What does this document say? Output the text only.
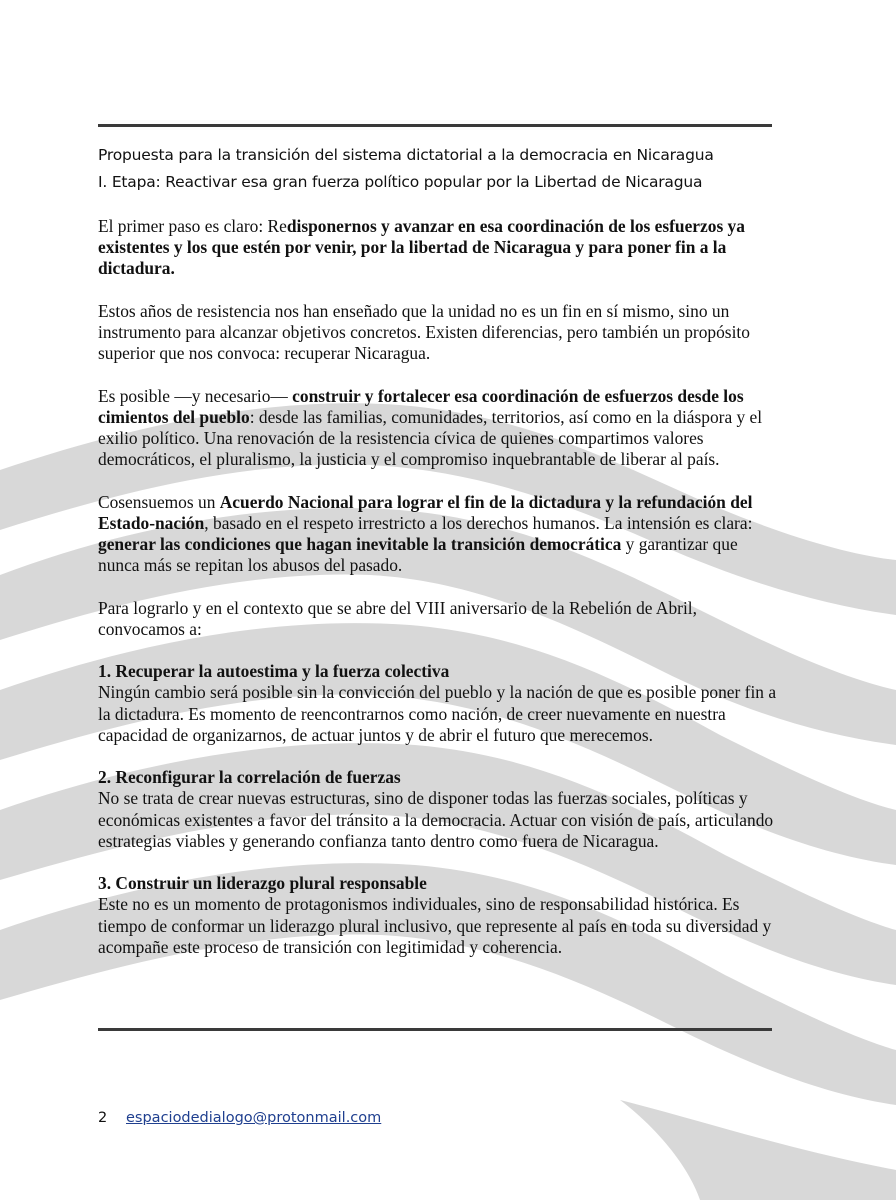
Propuesta para la transición del sistema dictatorial a la democracia en Nicaragua
I. Etapa: Reactivar esa gran fuerza político popular por la Libertad de Nicaragua

El primer paso es claro: Redisponernos y avanzar en esa coordinación de los esfuerzos ya existentes y los que estén por venir, por la libertad de Nicaragua y para poner fin a la dictadura.

Estos años de resistencia nos han enseñado que la unidad no es un fin en sí mismo, sino un instrumento para alcanzar objetivos concretos. Existen diferencias, pero también un propósito superior que nos convoca: recuperar Nicaragua.

Es posible —y necesario— construir y fortalecer esa coordinación de esfuerzos desde los cimientos del pueblo: desde las familias, comunidades, territorios, así como en la diáspora y el exilio político. Una renovación de la resistencia cívica de quienes compartimos valores democráticos, el pluralismo, la justicia y el compromiso inquebrantable de liberar al país.

Cosensuemos un Acuerdo Nacional para lograr el fin de la dictadura y la refundación del Estado-nación, basado en el respeto irrestricto a los derechos humanos. La intensión es clara: generar las condiciones que hagan inevitable la transición democrática y garantizar que nunca más se repitan los abusos del pasado.

Para lograrlo y en el contexto que se abre del VIII aniversario de la Rebelión de Abril, convocamos a:

1. Recuperar la autoestima y la fuerza colectiva
Ningún cambio será posible sin la convicción del pueblo y la nación de que es posible poner fin a la dictadura. Es momento de reencontrarnos como nación, de creer nuevamente en nuestra capacidad de organizarnos, de actuar juntos y de abrir el futuro que merecemos.

2. Reconfigurar la correlación de fuerzas
No se trata de crear nuevas estructuras, sino de disponer todas las fuerzas sociales, políticas y económicas existentes a favor del tránsito a la democracia. Actuar con visión de país, articulando estrategias viables y generando confianza tanto dentro como fuera de Nicaragua.

3. Construir un liderazgo plural responsable
Este no es un momento de protagonismos individuales, sino de responsabilidad histórica. Es tiempo de conformar un liderazgo plural inclusivo, que represente al país en toda su diversidad y acompañe este proceso de transición con legitimidad y coherencia.

2 espaciodedialogo@protonmail.com
